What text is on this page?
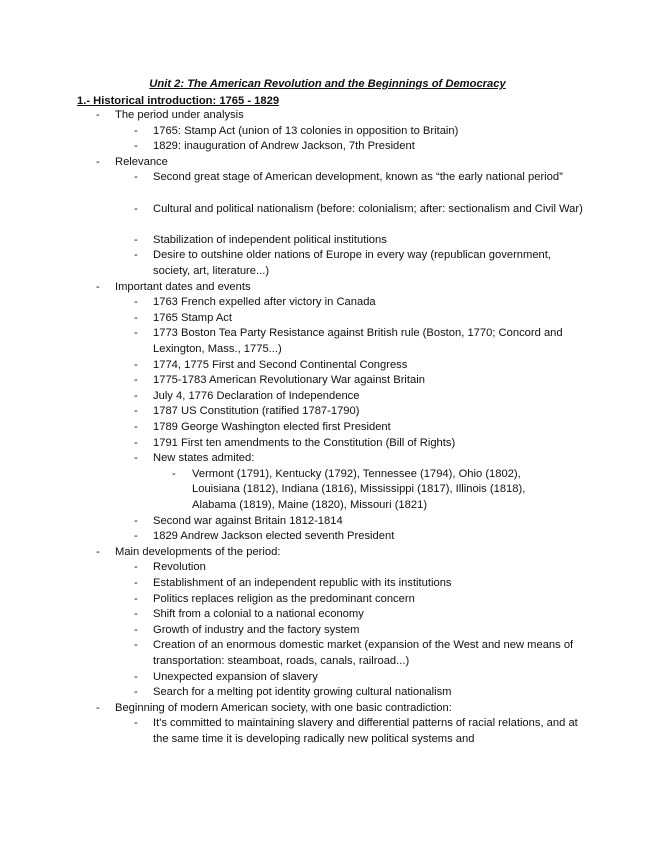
Unit 2: The American Revolution and the Beginnings of Democracy
1.- Historical introduction: 1765 - 1829
- The period under analysis
- 1765: Stamp Act (union of 13 colonies in opposition to Britain)
- 1829: inauguration of Andrew Jackson, 7th President
- Relevance
- Second great stage of American development, known as “the early national period”
- Cultural and political nationalism (before: colonialism; after: sectionalism and Civil War)
- Stabilization of independent political institutions
- Desire to outshine older nations of Europe in every way (republican government, society, art, literature...)
- Important dates and events
- 1763 French expelled after victory in Canada
- 1765 Stamp Act
- 1773 Boston Tea Party Resistance against British rule (Boston, 1770; Concord and Lexington, Mass., 1775...)
- 1774, 1775 First and Second Continental Congress
- 1775-1783 American Revolutionary War against Britain
- July 4, 1776 Declaration of Independence
- 1787 US Constitution (ratified 1787-1790)
- 1789 George Washington elected first President
- 1791 First ten amendments to the Constitution (Bill of Rights)
- New states admited:
- Vermont (1791), Kentucky (1792), Tennessee (1794), Ohio (1802), Louisiana (1812), Indiana (1816), Mississippi (1817), Illinois (1818), Alabama (1819), Maine (1820), Missouri (1821)
- Second war against Britain 1812-1814
- 1829 Andrew Jackson elected seventh President
- Main developments of the period:
- Revolution
- Establishment of an independent republic with its institutions
- Politics replaces religion as the predominant concern
- Shift from a colonial to a national economy
- Growth of industry and the factory system
- Creation of an enormous domestic market (expansion of the West and new means of transportation: steamboat, roads, canals, railroad...)
- Unexpected expansion of slavery
- Search for a melting pot identity growing cultural nationalism
- Beginning of modern American society, with one basic contradiction:
- It's committed to maintaining slavery and differential patterns of racial relations, and at the same time it is developing radically new political systems and
